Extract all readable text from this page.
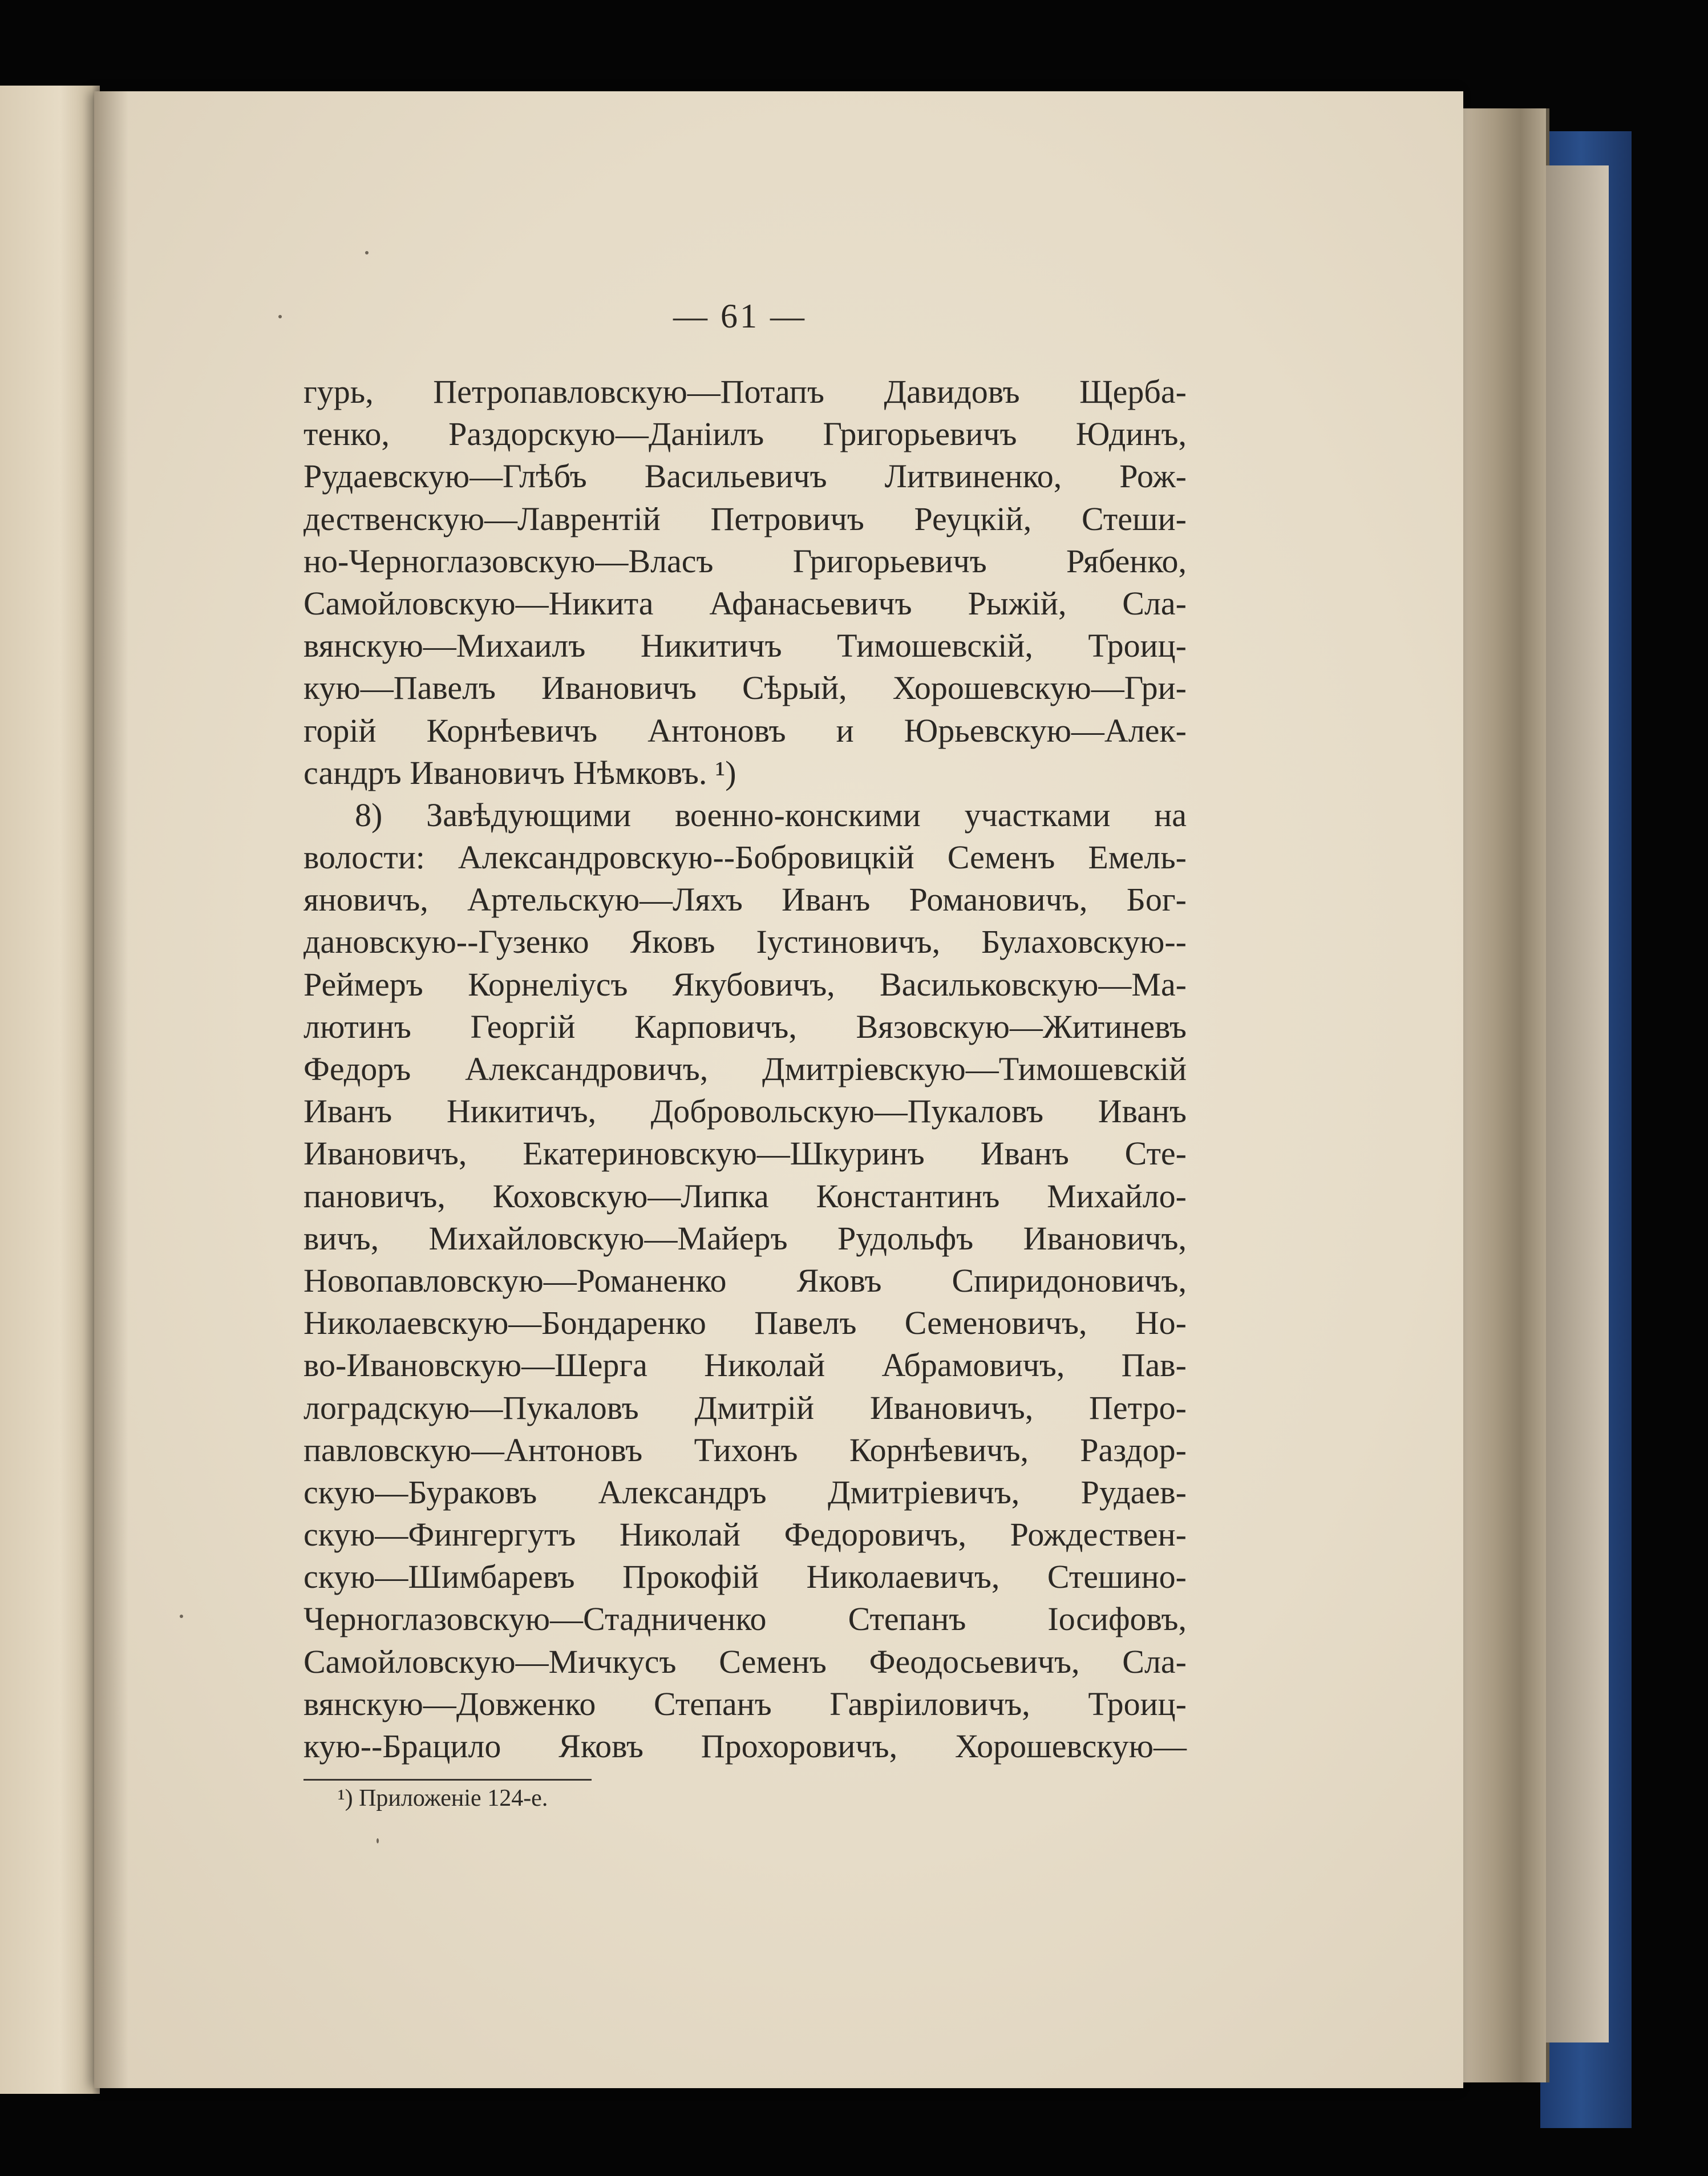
— 61 —
гурь, Петропавловскую—Потапъ Давидовъ Щерба-
тенко, Раздорскую—Даніилъ Григорьевичъ Юдинъ,
Рудаевскую—Глѣбъ Васильевичъ Литвиненко, Рож-
дественскую—Лаврентій Петровичъ Реуцкій, Стеши-
но-Черноглазовскую—Власъ Григорьевичъ Рябенко,
Самойловскую—Никита Афанасьевичъ Рыжій, Сла-
вянскую—Михаилъ Никитичъ Тимошевскій, Троиц-
кую—Павелъ Ивановичъ Сѣрый, Хорошевскую—Гри-
горій Корнѣевичъ Антоновъ и Юрьевскую—Алек-
сандръ Ивановичъ Нѣмковъ. ¹)
8) Завѣдующими военно-конскими участками на
волости: Александровскую--Бобровицкій Семенъ Емель-
яновичъ, Артельскую—Ляхъ Иванъ Романовичъ, Бог-
дановскую--Гузенко Яковъ Іустиновичъ, Булаховскую--
Реймеръ Корнеліусъ Якубовичъ, Васильковскую—Ма-
лютинъ Георгій Карповичъ, Вязовскую—Житиневъ
Федоръ Александровичъ, Дмитріевскую—Тимошевскій
Иванъ Никитичъ, Добровольскую—Пукаловъ Иванъ
Ивановичъ, Екатериновскую—Шкуринъ Иванъ Сте-
пановичъ, Коховскую—Липка Константинъ Михайло-
вичъ, Михайловскую—Майеръ Рудольфъ Ивановичъ,
Новопавловскую—Романенко Яковъ Спиридоновичъ,
Николаевскую—Бондаренко Павелъ Семеновичъ, Но-
во-Ивановскую—Шерга Николай Абрамовичъ, Пав-
лоградскую—Пукаловъ Дмитрій Ивановичъ, Петро-
павловскую—Антоновъ Тихонъ Корнѣевичъ, Раздор-
скую—Бураковъ Александръ Дмитріевичъ, Рудаев-
скую—Фингергутъ Николай Федоровичъ, Рождествен-
скую—Шимбаревъ Прокофій Николаевичъ, Стешино-
Черноглазовскую—Стадниченко Степанъ Іосифовъ,
Самойловскую—Мичкусъ Семенъ Феодосьевичъ, Сла-
вянскую—Довженко Степанъ Гавріиловичъ, Троиц-
кую--Брацило Яковъ Прохоровичъ, Хорошевскую—
¹) Приложеніе 124-е.
